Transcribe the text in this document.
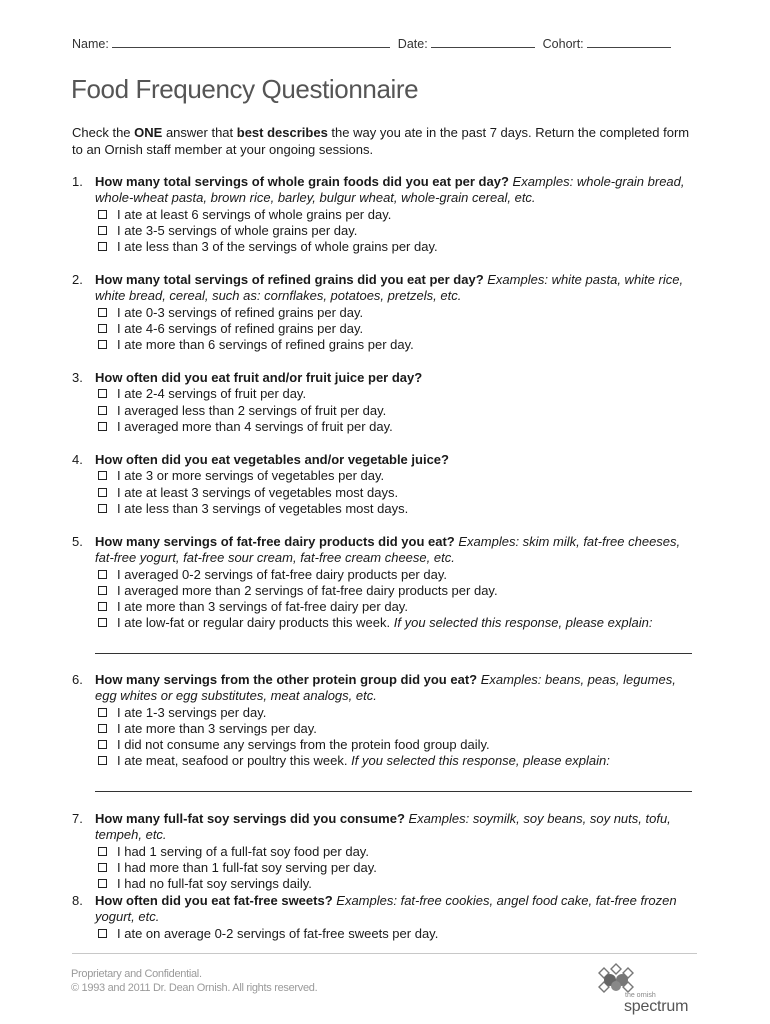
Name:	Date:	Cohort:
Food Frequency Questionnaire
Check the ONE answer that best describes the way you ate in the past 7 days. Return the completed form to an Ornish staff member at your ongoing sessions.
1. How many total servings of whole grain foods did you eat per day? Examples: whole-grain bread, whole-wheat pasta, brown rice, barley, bulgur wheat, whole-grain cereal, etc.
I ate at least 6 servings of whole grains per day.
I ate 3-5 servings of whole grains per day.
I ate less than 3 of the servings of whole grains per day.
2. How many total servings of refined grains did you eat per day? Examples: white pasta, white rice, white bread, cereal, such as: cornflakes, potatoes, pretzels, etc.
I ate 0-3 servings of refined grains per day.
I ate 4-6 servings of refined grains per day.
I ate more than 6 servings of refined grains per day.
3. How often did you eat fruit and/or fruit juice per day?
I ate 2-4 servings of fruit per day.
I averaged less than 2 servings of fruit per day.
I averaged more than 4 servings of fruit per day.
4. How often did you eat vegetables and/or vegetable juice?
I ate 3 or more servings of vegetables per day.
I ate at least 3 servings of vegetables most days.
I ate less than 3 servings of vegetables most days.
5. How many servings of fat-free dairy products did you eat? Examples: skim milk, fat-free cheeses, fat-free yogurt, fat-free sour cream, fat-free cream cheese, etc.
I averaged 0-2 servings of fat-free dairy products per day.
I averaged more than 2 servings of fat-free dairy products per day.
I ate more than 3 servings of fat-free dairy per day.
I ate low-fat or regular dairy products this week. If you selected this response, please explain:
6. How many servings from the other protein group did you eat? Examples: beans, peas, legumes, egg whites or egg substitutes, meat analogs, etc.
I ate 1-3 servings per day.
I ate more than 3 servings per day.
I did not consume any servings from the protein food group daily.
I ate meat, seafood or poultry this week. If you selected this response, please explain:
7. How many full-fat soy servings did you consume? Examples: soymilk, soy beans, soy nuts, tofu, tempeh, etc.
I had 1 serving of a full-fat soy food per day.
I had more than 1 full-fat soy serving per day.
I had no full-fat soy servings daily.
8. How often did you eat fat-free sweets? Examples: fat-free cookies, angel food cake, fat-free frozen yogurt, etc.
I ate on average 0-2 servings of fat-free sweets per day.
Proprietary and Confidential.
© 1993 and 2011 Dr. Dean Ornish. All rights reserved.
the ornish
spectrum
